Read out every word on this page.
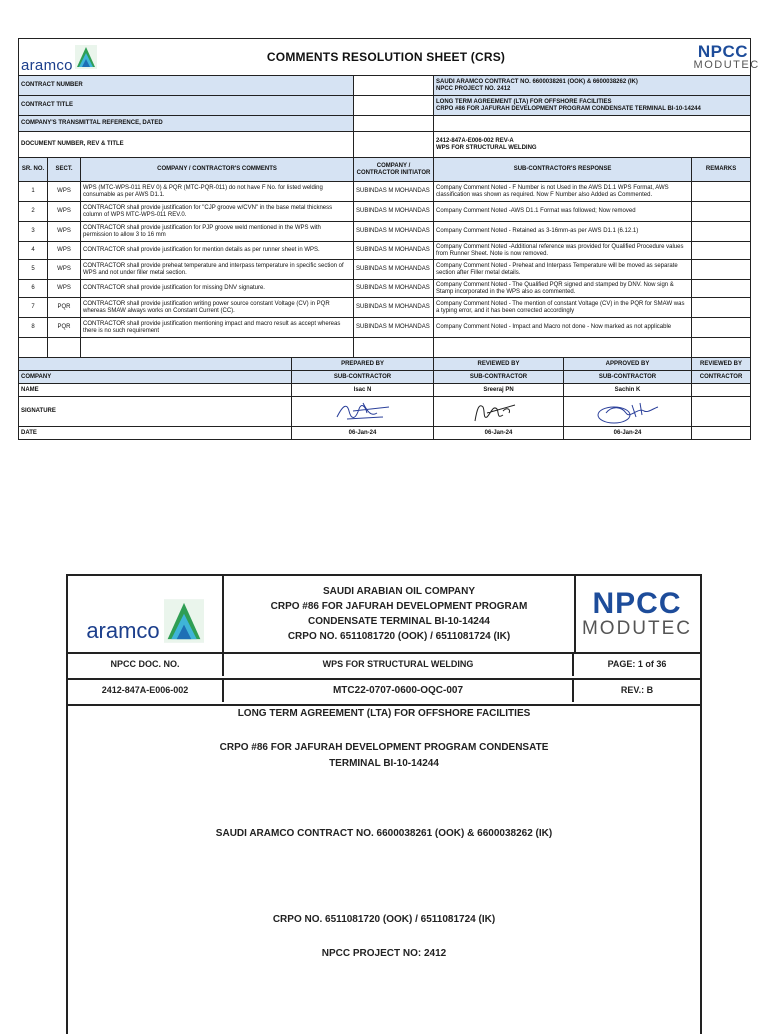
aramco		COMMENTS RESOLUTION SHEET (CRS)					NPCC
MODUTEC

CONTRACT NUMBER					SAUDI ARAMCO CONTRACT NO. 6600038261 (OOK) & 6600038262 (IK)
NPCC PROJECT NO. 2412		

CONTRACT TITLE					LONG TERM AGREEMENT (LTA) FOR OFFSHORE FACILITIES
CRPO #86 FOR JAFURAH DEVELOPMENT PROGRAM CONDENSATE TERMINAL BI-10-14244		

COMPANY'S TRANSMITTAL REFERENCE, DATED							
DOCUMENT NUMBER, REV & TITLE					2412-847A-E006-002 REV-A
WPS FOR STRUCTURAL WELDING		

SR. NO.	SECT.	COMPANY / CONTRACTOR'S COMMENTS		COMPANY / CONTRACTOR INITIATOR	SUB-CONTRACTOR'S RESPONSE		REMARKS
1	WPS	WPS (MTC-WPS-011 REV 0) & PQR (MTC-PQR-011) do not have F No. for listed welding consumable as per AWS D1.1.		SUBINDAS M MOHANDAS	Company Comment Noted - F Number is not Used in the AWS D1.1 WPS Format, AWS classification was shown as required. Now F Number also Added as Commented.		
2	WPS	CONTRACTOR shall provide justification for "CJP groove w/CVN" in the base metal thickness column of WPS MTC-WPS-011 REV.0.		SUBINDAS M MOHANDAS	Company Comment Noted -AWS D1.1 Format was followed; Now removed		
3	WPS	CONTRACTOR shall provide justification for PJP groove weld mentioned in the WPS with permission to allow 3 to 16 mm		SUBINDAS M MOHANDAS	Company Comment Noted - Retained as 3-16mm-as per AWS D1.1 (6.12.1)		
4	WPS	CONTRACTOR shall provide justification for mention details as per runner sheet in WPS.		SUBINDAS M MOHANDAS	Company Comment Noted -Additional reference was provided for Qualified Procedure values from Runner Sheet. Note is now removed.		
5	WPS	CONTRACTOR shall provide preheat temperature and interpass temperature in specific section of WPS and not under filler metal section.		SUBINDAS M MOHANDAS	Company Comment Noted - Preheat and Interpass Temperature will be moved as separate section after Filler metal details.		
6	WPS	CONTRACTOR shall provide justification for missing DNV signature.		SUBINDAS M MOHANDAS	Company Comment Noted - The Qualified PQR signed and stamped by DNV. Now sign & Stamp incorporated in the WPS also as commented.		
7	PQR	CONTRACTOR shall provide justification writing power source constant Voltage (CV) in PQR whereas SMAW always works on Constant Current (CC).		SUBINDAS M MOHANDAS	Company Comment Noted - The mention of constant Voltage (CV) in the PQR for SMAW was a typing error, and it has been corrected accordingly		
8	PQR	CONTRACTOR shall provide justification mentioning impact and macro result as accept whereas there is no such requirement		SUBINDAS M MOHANDAS	Company Comment Noted - Impact and Macro not done - Now marked as not applicable		

			PREPARED BY		REVIEWED BY	APPROVED BY	REVIEWED BY
COMPANY			SUB-CONTRACTOR		SUB-CONTRACTOR	SUB-CONTRACTOR	CONTRACTOR
NAME			Isac N		Sreeraj PN	Sachin K	
SIGNATURE	

DATE			06-Jan-24		06-Jan-24	06-Jan-24	
aramco
SAUDI ARABIAN OIL COMPANY
CRPO #86 FOR JAFURAH DEVELOPMENT PROGRAM
CONDENSATE TERMINAL BI-10-14244
CRPO NO. 6511081720 (OOK) / 6511081724 (IK)
NPCC
MODUTEC
NPCC DOC. NO.	WPS FOR STRUCTURAL WELDING	PAGE: 1 of 36
2412-847A-E006-002	MTC22-0707-0600-OQC-007	REV.: B
LONG TERM AGREEMENT (LTA) FOR OFFSHORE FACILITIES
CRPO #86 FOR JAFURAH DEVELOPMENT PROGRAM CONDENSATE
TERMINAL BI-10-14244
SAUDI ARAMCO CONTRACT NO. 6600038261 (OOK) & 6600038262 (IK)
CRPO NO. 6511081720 (OOK) / 6511081724 (IK)
NPCC PROJECT NO: 2412
